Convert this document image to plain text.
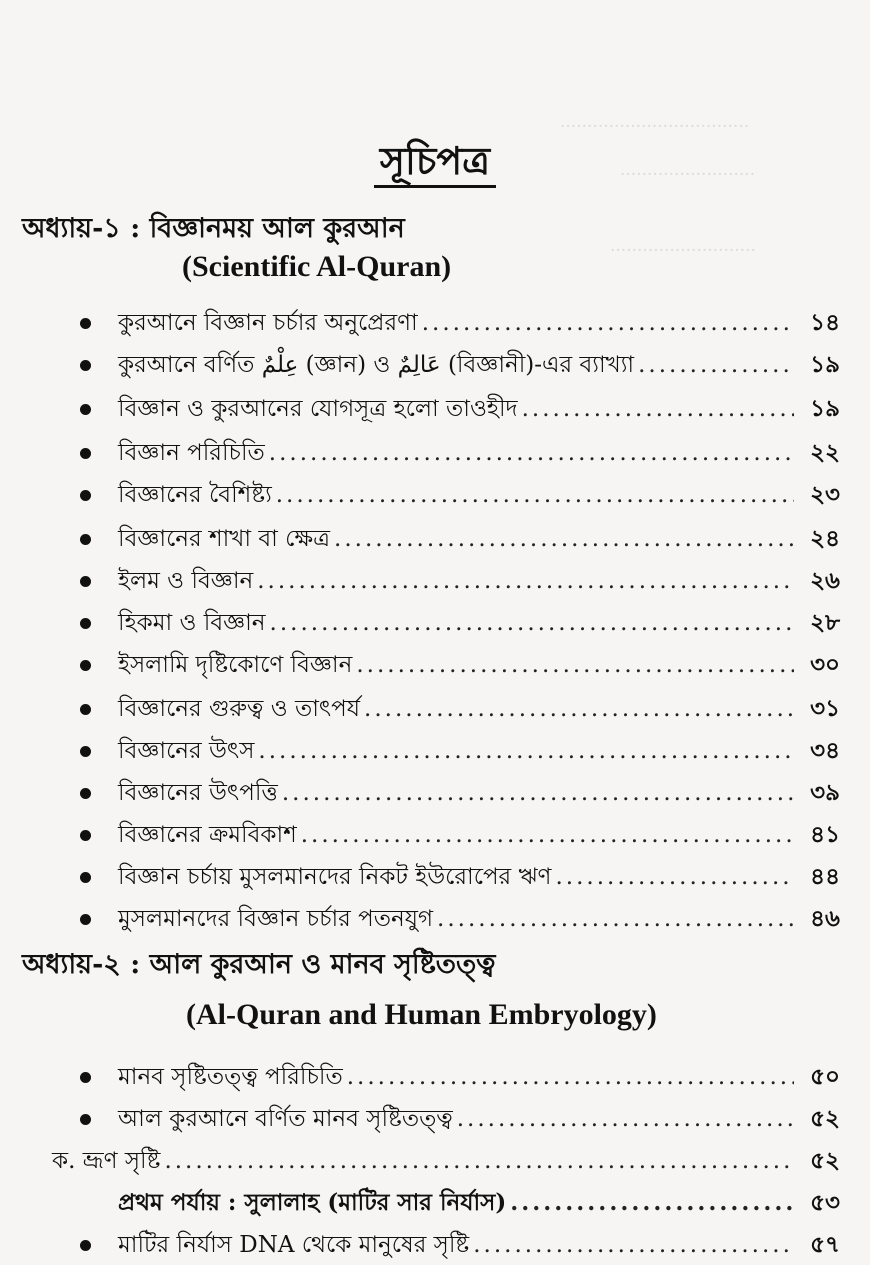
...................................
.........................
...........................
সূচিপত্র
অধ্যায়-১ : বিজ্ঞানময় আল কুরআন
(Scientific Al-Quran)
কুরআনে বিজ্ঞান চর্চার অনুপ্রেরণা .....	১৪
কুরআনে বর্ণিত عِلْمٌ (জ্ঞান) ও عَالِمٌ (বিজ্ঞানী)-এর ব্যাখ্যা .....	১৯
বিজ্ঞান ও কুরআনের যোগসূত্র হলো তাওহীদ .....	১৯
বিজ্ঞান পরিচিতি .....	২২
বিজ্ঞানের বৈশিষ্ট্য .....	২৩
বিজ্ঞানের শাখা বা ক্ষেত্র .....	২৪
ইলম ও বিজ্ঞান .....	২৬
হিকমা ও বিজ্ঞান .....	২৮
ইসলামি দৃষ্টিকোণে বিজ্ঞান .....	৩০
বিজ্ঞানের গুরুত্ব ও তাৎপর্য .....	৩১
বিজ্ঞানের উৎস .....	৩৪
বিজ্ঞানের উৎপত্তি .....	৩৯
বিজ্ঞানের ক্রমবিকাশ .....	৪১
বিজ্ঞান চর্চায় মুসলমানদের নিকট ইউরোপের ঋণ .....	৪৪
মুসলমানদের বিজ্ঞান চর্চার পতনযুগ .....	৪৬
অধ্যায়-২ : আল কুরআন ও মানব সৃষ্টিতত্ত্ব
(Al-Quran and Human Embryology)
মানব সৃষ্টিতত্ত্ব পরিচিতি .....	৫০
আল কুরআনে বর্ণিত মানব সৃষ্টিতত্ত্ব .....	৫২
ক. ভ্রূণ সৃষ্টি .....	৫২
প্রথম পর্যায় : সুলালাহ (মাটির সার নির্যাস) .....	৫৩
মাটির নির্যাস DNA থেকে মানুষের সৃষ্টি .....	৫৭
